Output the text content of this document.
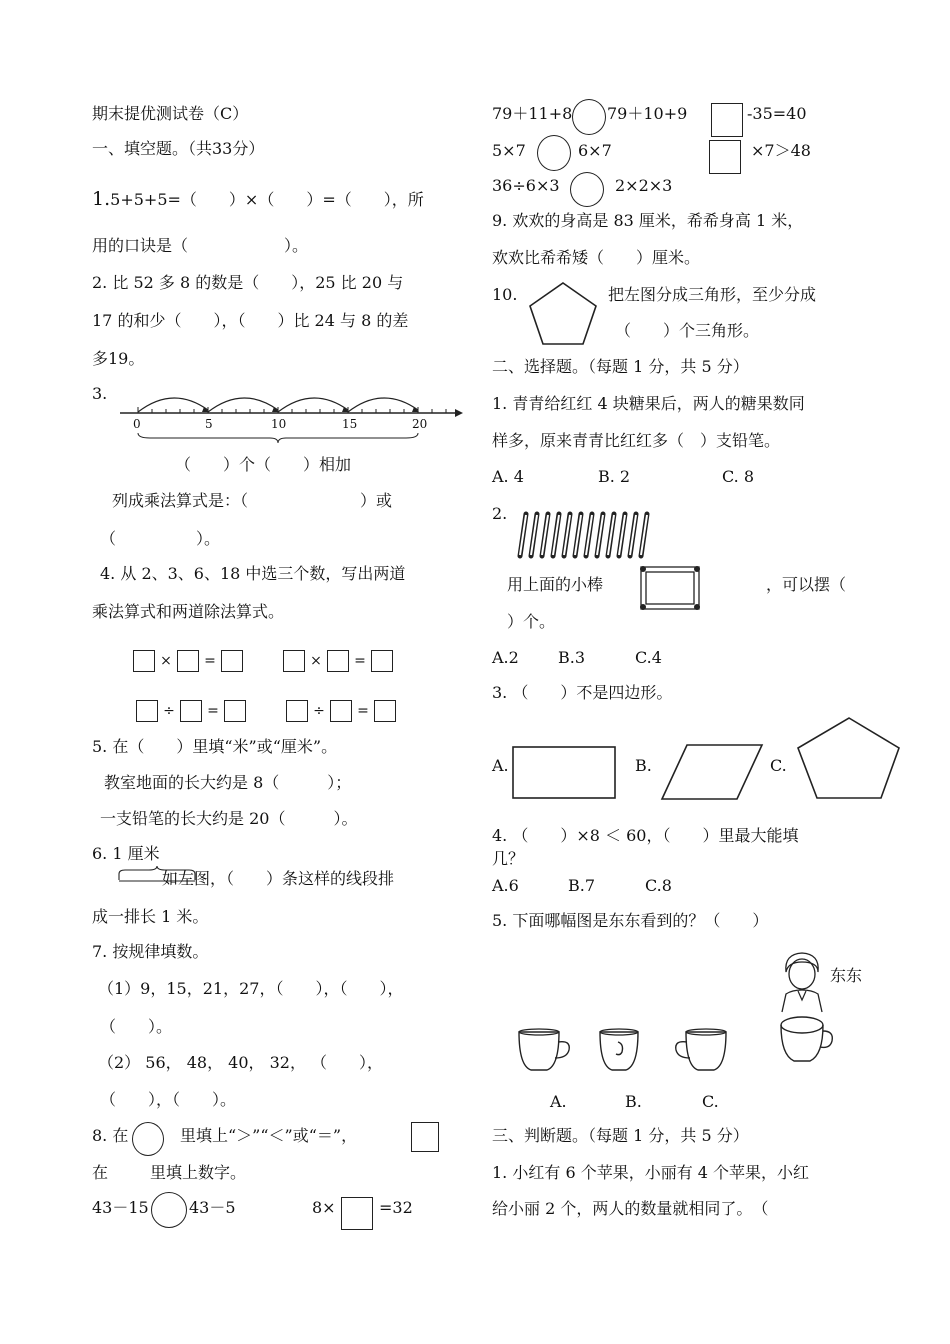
期末提优测试卷（C）
一、填空题。（共33分）
1.5+5+5=（　　）×（　　）=（　　），所
用的口诀是（　　　　　　）。
2. 比 52 多 8 的数是（　　），25 比 20 与
17 的和少（　　），（　　）比 24 与 8 的差
多19。
3.
0	5	10	15	20
（　　）个（　　）相加
列成乘法算式是：（　　　　　　　）或
（　　　　　）。
4. 从 2、3、6、18 中选三个数，写出两道
乘法算式和两道除法算式。
× =	× =
÷ =	÷ =
5. 在（　　）里填“米”或“厘米”。
教室地面的长大约是 8（　　　）；
一支铅笔的长大约是 20（　　　）。
6. 1 厘米
如左图，（　　）条这样的线段排
成一排长 1 米。
7. 按规律填数。
（1）9，15，21，27，（　　），（　　），
（　　）。
（2） 56， 48， 40， 32， （　　），
（　　），（　　）。
8. 在	里填上“＞”“＜”或“＝”，
在	里填上数字。
43－15	43－5	8×	=32
79＋11+8 79＋10+9	-35=40
5×7	6×7	×7＞48
36÷6×3	2×2×3
9. 欢欢的身高是 83 厘米，希希身高 1 米，
欢欢比希希矮（　　）厘米。
10.	把左图分成三角形，至少分成
（　　）个三角形。
二、选择题。（每题 1 分，共 5 分）
1. 青青给红红 4 块糖果后，两人的糖果数同
样多，原来青青比红红多（　）支铅笔。
A. 4	B. 2	C. 8
2.
用上面的小棒	，可以摆（
）个。
A.2 B.3	C.4
3. （　　）不是四边形。
A.	B.	C.
4. （　　）×8 ＜ 60，（　　）里最大能填
几？
A.6	B.7	C.8
5. 下面哪幅图是东东看到的？（　　）
东东
A.	B.	C.
三、判断题。（每题 1 分，共 5 分）
1. 小红有 6 个苹果，小丽有 4 个苹果，小红
给小丽 2 个，两人的数量就相同了。　（
